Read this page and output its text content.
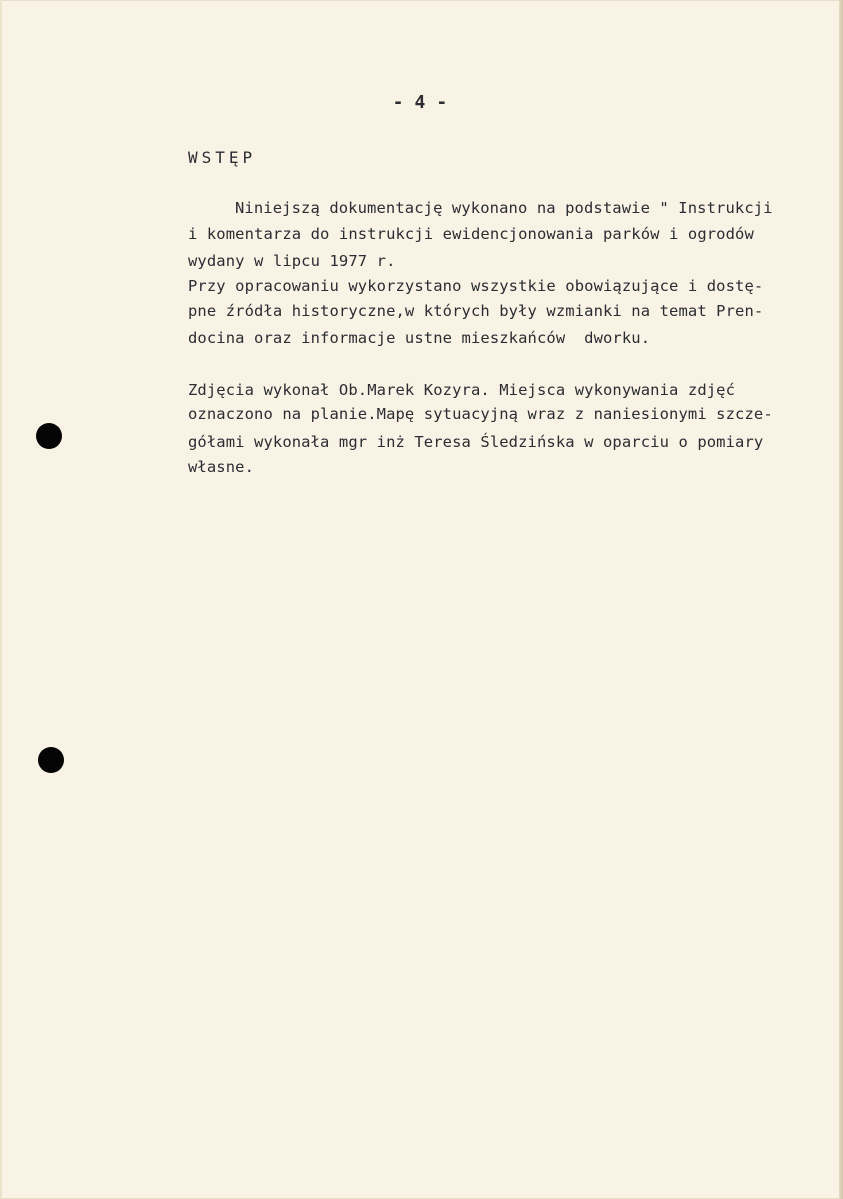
- 4 -
WSTĘP
Niniejszą dokumentację wykonano na podstawie " Instrukcji
i komentarza do instrukcji ewidencjonowania parków i ogrodów
wydany w lipcu 1977 r.
Przy opracowaniu wykorzystano wszystkie obowiązujące i dostę-
pne źródła historyczne,w których były wzmianki na temat Pren-
docina oraz informacje ustne mieszkańców  dworku.
Zdjęcia wykonał Ob.Marek Kozyra. Miejsca wykonywania zdjęć
oznaczono na planie.Mapę sytuacyjną wraz z naniesionymi szcze-
gółami wykonała mgr inż Teresa Śledzińska w oparciu o pomiary
własne.
